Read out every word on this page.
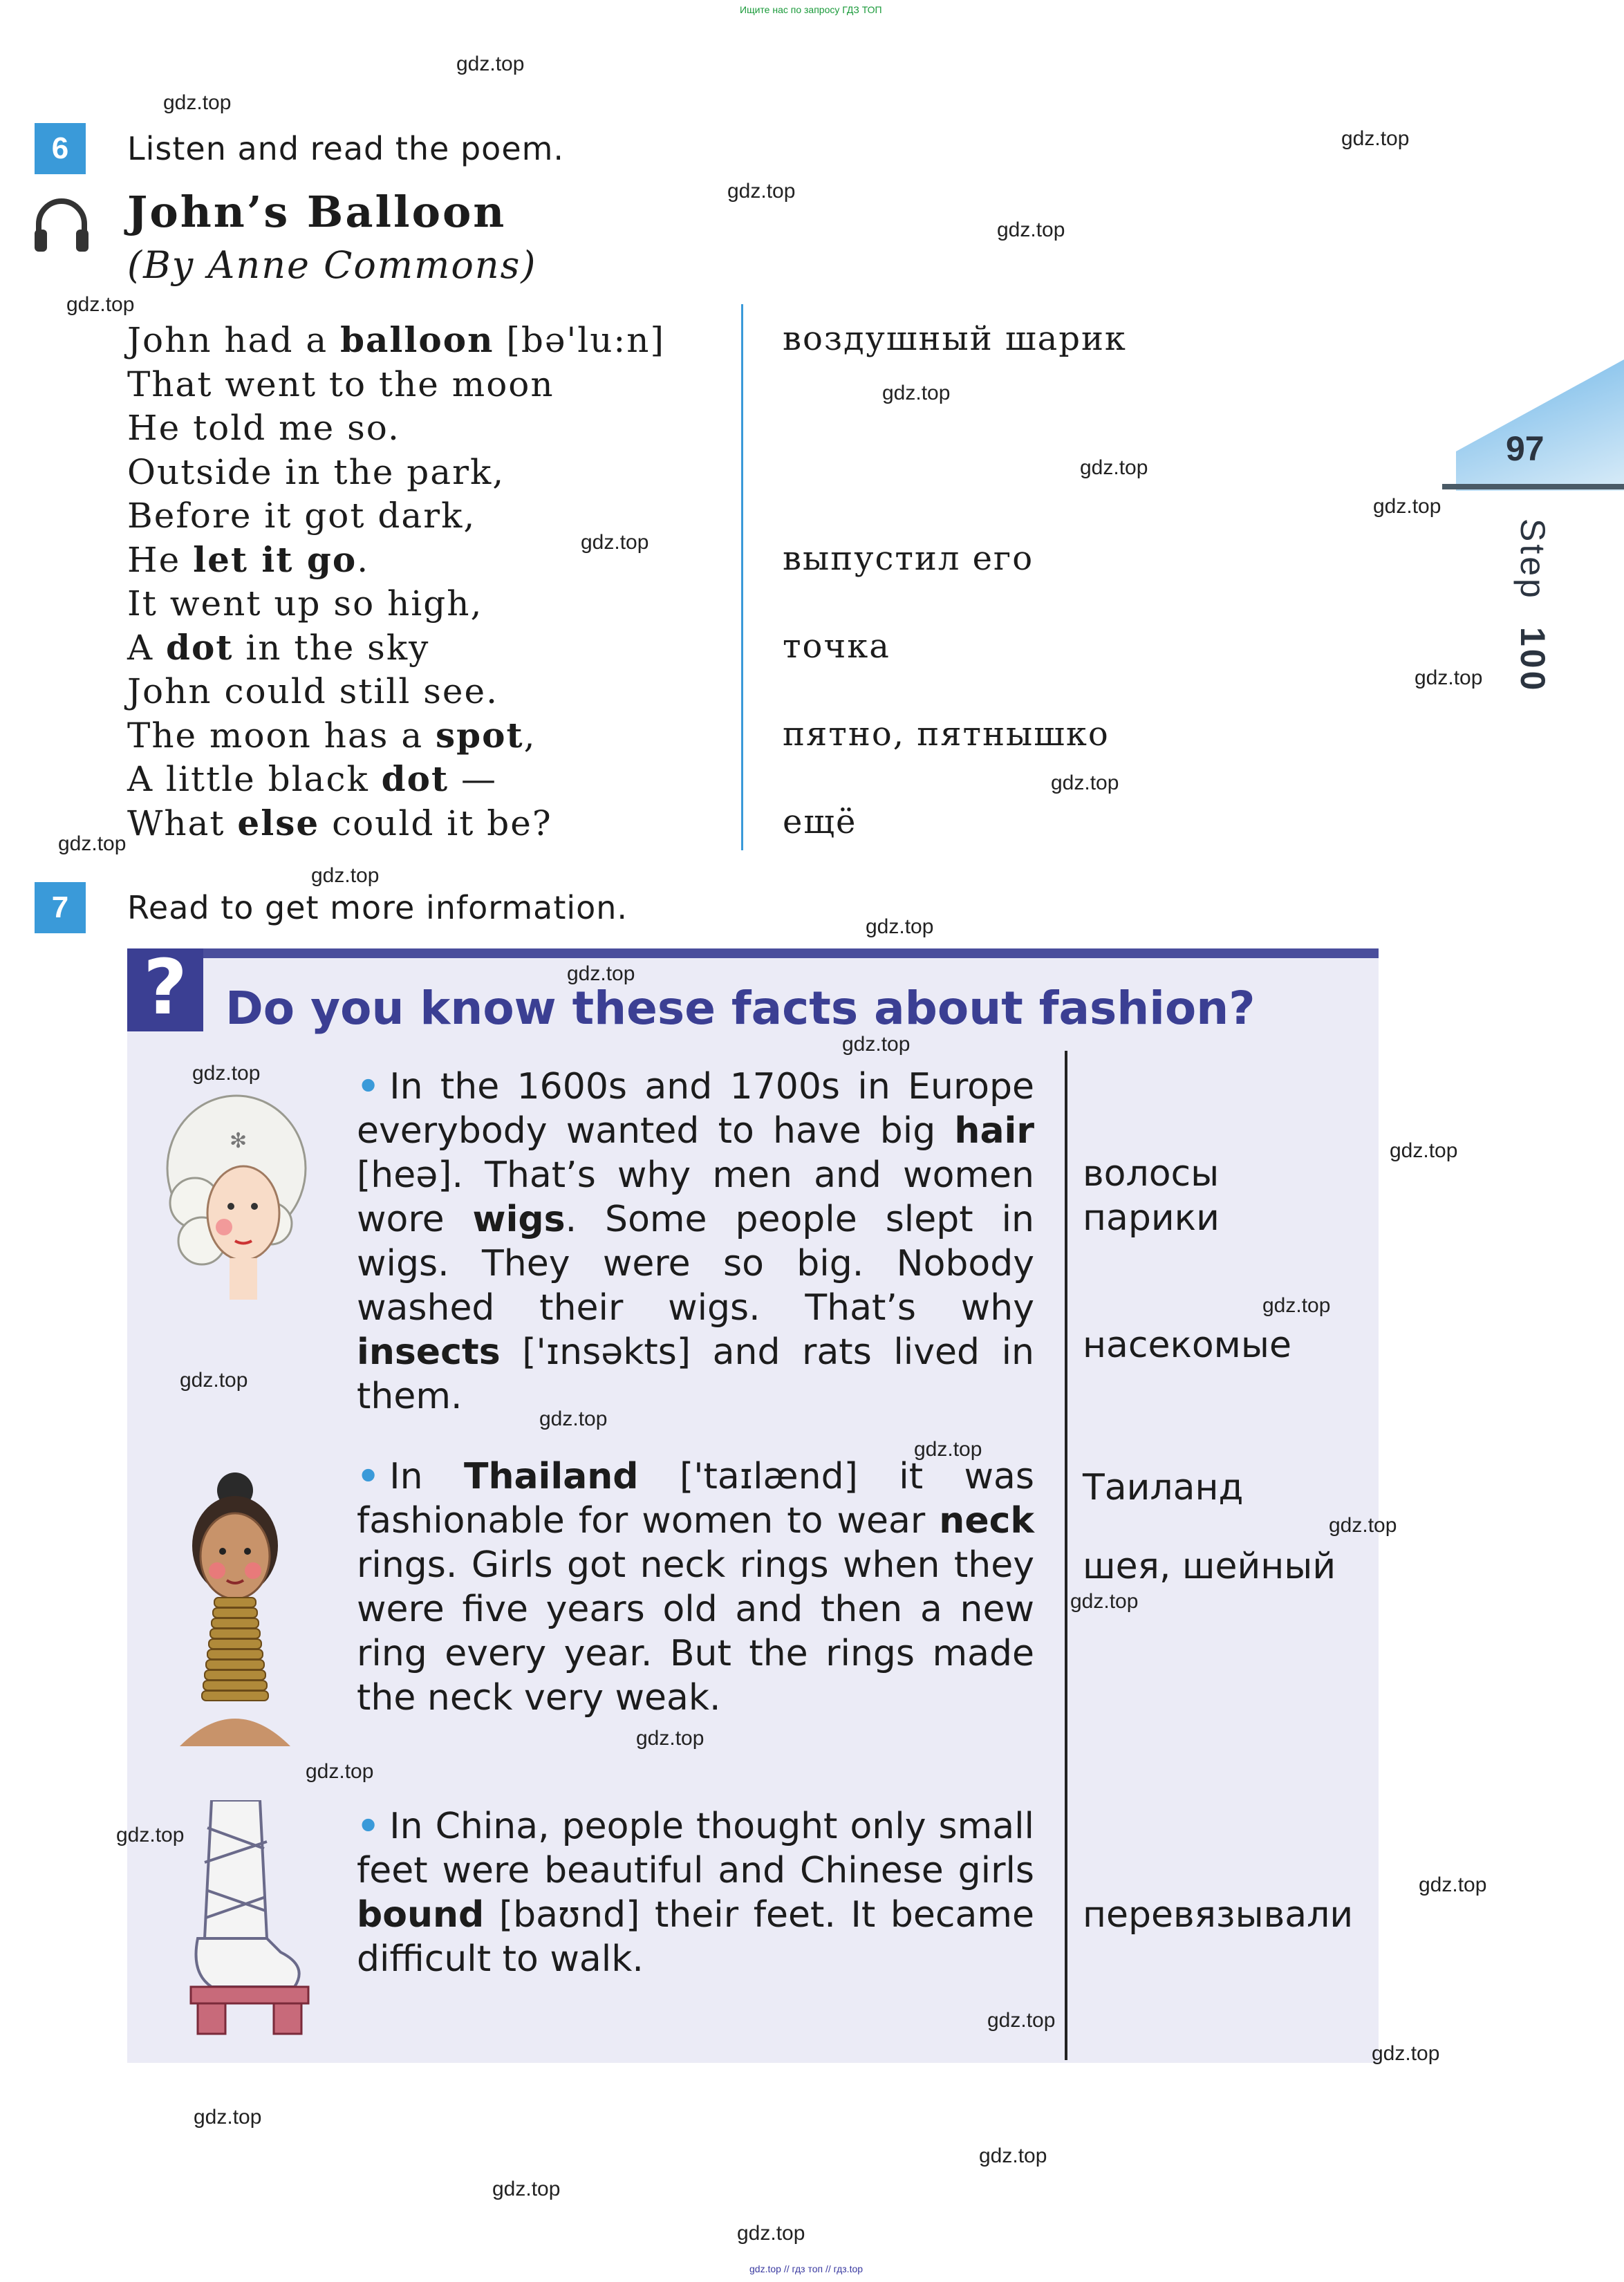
Ищите нас по запросу ГДЗ ТОП
gdz.top // гдз топ // гдз.top
97
Step 100
6	Listen and read the poem.
John’s Balloon
(By Anne Commons)
John had a balloon [bə'lu:n]	воздушный шарик
That went to the moon
He told me so.
Outside in the park,
Before it got dark,
He let it go.	выпустил его
It went up so high,
A dot in the sky	точка
John could still see.
The moon has a spot,	пятно, пятнышко
A little black dot —
What else could it be?	ещё
7	Read to get more information.
? Do you know these facts about fashion?
✻
• In the 1600s and 1700s in Europe everybody wanted to have big hair [heə]. That’s why men and women wore wigs. Some people slept in wigs. They were so big. Nobody washed their wigs. That’s why insects ['ɪnsəkts] and rats lived in them.
волосы
парики
насекомые
• In Thailand ['taɪlænd] it was fashionable for women to wear neck rings. Girls got neck rings when they were five years old and then a new ring every year. But the rings made the neck very weak.
Таиланд
шея, шейный
• In China, people thought only small feet were beautiful and Chinese girls bound [baʊnd] their feet. It became difficult to walk.
перевязывали
gdz.top
gdz.top
gdz.top
gdz.top
gdz.top
gdz.top
gdz.top
gdz.top
gdz.top
gdz.top
gdz.top
gdz.top
gdz.top
gdz.top
gdz.top
gdz.top
gdz.top
gdz.top
gdz.top
gdz.top
gdz.top
gdz.top
gdz.top
gdz.top
gdz.top
gdz.top
gdz.top
gdz.top
gdz.top
gdz.top
gdz.top
gdz.top
gdz.top
gdz.top
gdz.top
